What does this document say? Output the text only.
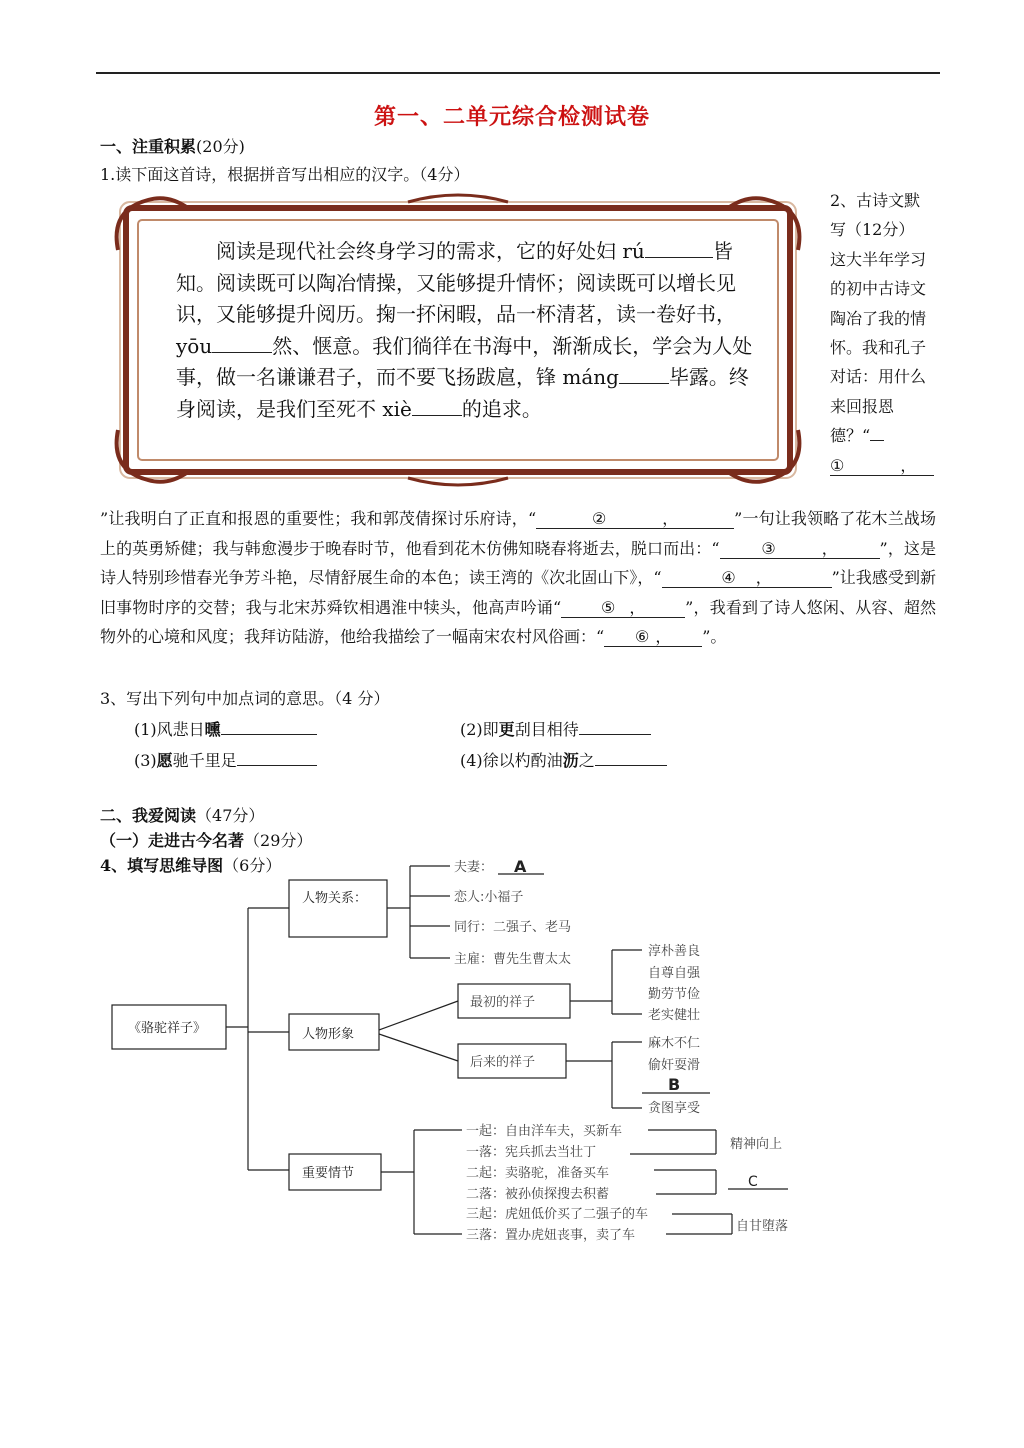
第一、二单元综合检测试卷
一、注重积累(20分)
1.读下面这首诗，根据拼音写出相应的汉字。（4分）
阅读是现代社会终身学习的需求，它的好处妇 rú	皆知。阅读既可以陶冶情操，又能够提升情怀；阅读既可以增长见识，又能够提升阅历。掬一抔闲暇，品一杯清茗，读一卷好书，yōu	然、惬意。我们徜徉在书海中，渐渐成长，学会为人处事，做一名谦谦君子，而不要飞扬跋扈，锋 máng	毕露。终身阅读，是我们至死不 xiè	的追求。
2、古诗文默写（12分）
这大半年学习的初中古诗文陶冶了我的情怀。我和孔子对话：用什么来回报恩德？“
①	，
”让我明白了正直和报恩的重要性；我和郭茂倩探讨乐府诗，“	②	，	”一句让我领略了花木兰战场上的英勇矫健；我与韩愈漫步于晚春时节，他看到花木仿佛知晓春将逝去，脱口而出：“	③	，	”，这是诗人特别珍惜春光争芳斗艳，尽情舒展生命的本色；读王湾的《次北固山下》，“	④ ，	”让我感受到新旧事物时序的交替；我与北宋苏舜钦相遇淮中犊头，他高声吟诵“ ⑤ ， ”，我看到了诗人悠闲、从容、超然物外的心境和风度；我拜访陆游，他给我描绘了一幅南宋农村风俗画：“ ⑥ ， ”。
3、写出下列句中加点词的意思。（4 分）
(1)风悲日曛	(2)即更刮目相待
(3)愿驰千里足	(4)徐以杓酌油沥之
二、我爱阅读（47分）
（一）走进古今名著（29分）
4、填写思维导图（6分）
《骆驼祥子》
人物关系：
人物形象
重要情节
夫妻： A
恋人:小福子
同行：二强子、老马
主雇：曹先生曹太太
最初的祥子
后来的祥子
淳朴善良
自尊自强
勤劳节俭
老实健壮
麻木不仁
偷奸耍滑
B
贪图享受
一起：自由洋车夫，买新车
一落：宪兵抓去当壮丁
二起：卖骆驼，准备买车
二落：被孙侦探搜去积蓄
三起：虎妞低价买了二强子的车
三落：置办虎妞丧事，卖了车
精神向上
C
自甘堕落
